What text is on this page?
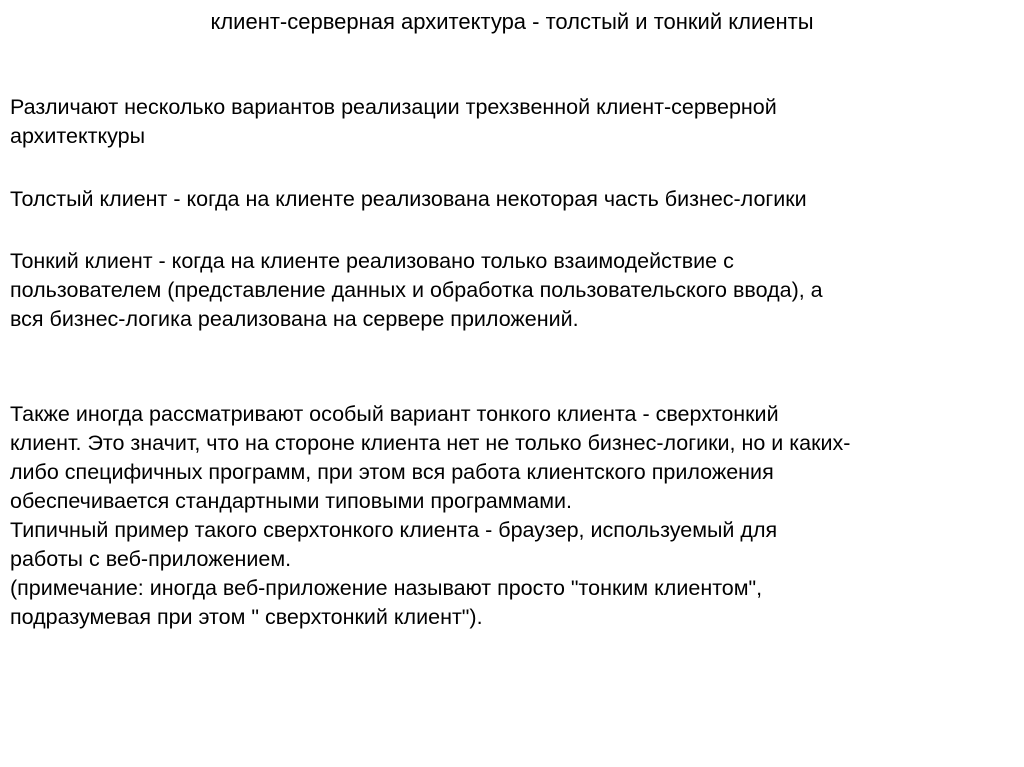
клиент-серверная архитектура - толстый и тонкий клиенты

Различают несколько вариантов реализации трехзвенной клиент-серверной
архитекткуры

Толстый клиент - когда на клиенте реализована некоторая часть бизнес-логики

Тонкий клиент - когда на клиенте реализовано только взаимодействие с
пользователем (представление данных и обработка пользовательского ввода), а
вся бизнес-логика реализована на сервере приложений.

Также иногда рассматривают особый вариант тонкого клиента - сверхтонкий
клиент. Это значит, что на стороне клиента нет не только бизнес-логики, но и каких-
либо специфичных программ, при этом вся работа клиентского приложения
обеспечивается стандартными типовыми программами.
Типичный пример такого сверхтонкого клиента - браузер, используемый для
работы с веб-приложением.
(примечание: иногда веб-приложение называют просто "тонким клиентом",
подразумевая при этом " сверхтонкий клиент").
